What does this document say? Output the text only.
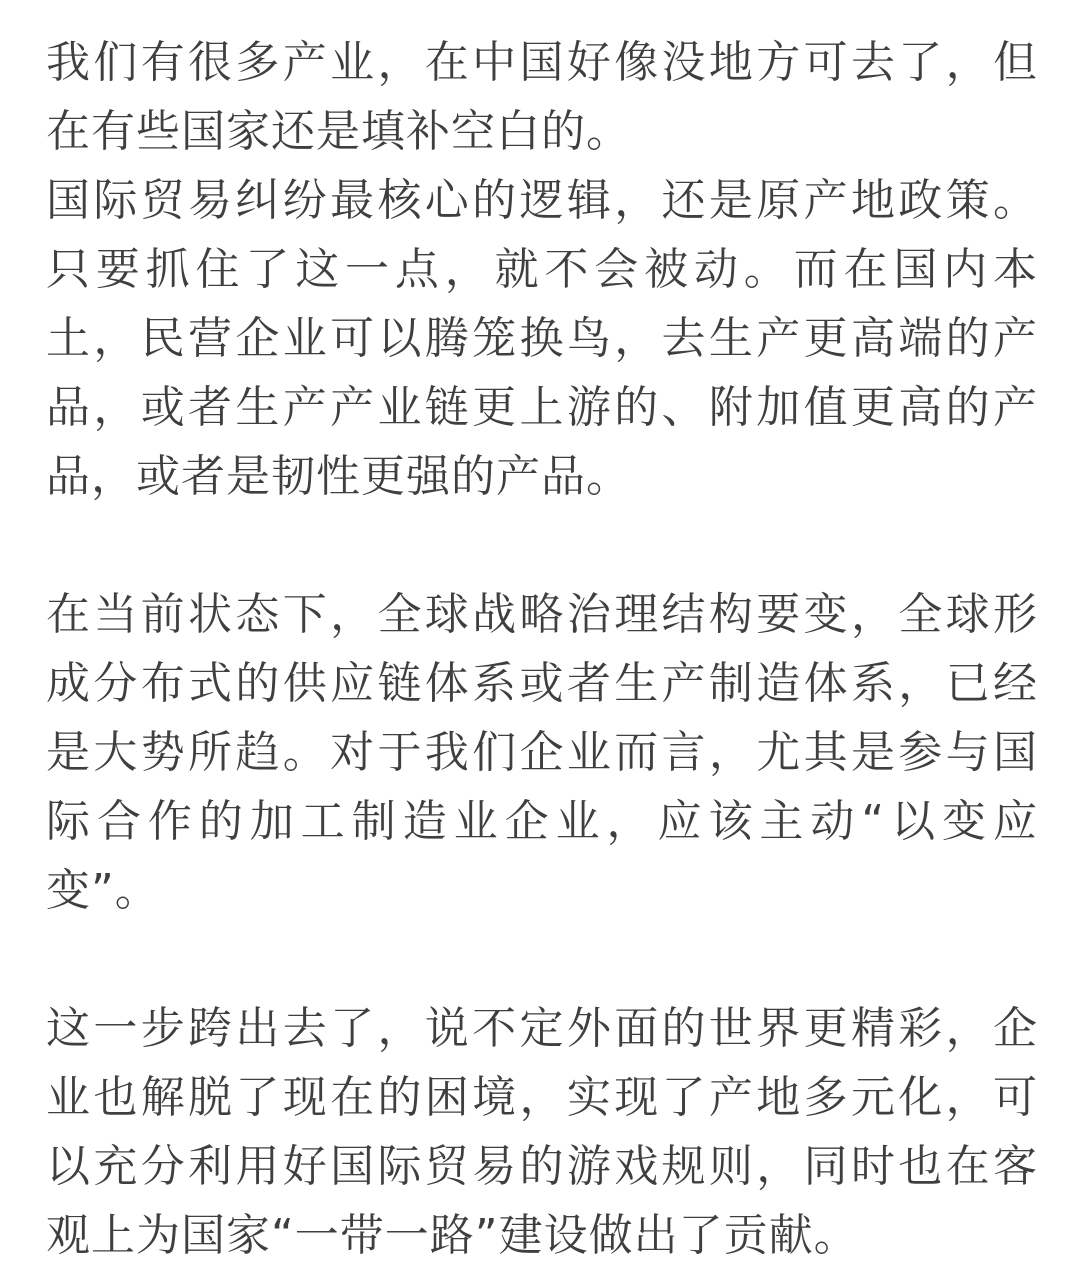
我们有很多产业，在中国好像没地方可去了，但
在有些国家还是填补空白的。
国际贸易纠纷最核心的逻辑，还是原产地政策。
只要抓住了这一点，就不会被动。而在国内本
土，民营企业可以腾笼换鸟，去生产更高端的产
品，或者生产产业链更上游的、附加值更高的产
品，或者是韧性更强的产品。
在当前状态下，全球战略治理结构要变，全球形
成分布式的供应链体系或者生产制造体系，已经
是大势所趋。对于我们企业而言，尤其是参与国
际合作的加工制造业企业，应该主动“以变应
变”。
这一步跨出去了，说不定外面的世界更精彩，企
业也解脱了现在的困境，实现了产地多元化，可
以充分利用好国际贸易的游戏规则，同时也在客
观上为国家“一带一路”建设做出了贡献。
